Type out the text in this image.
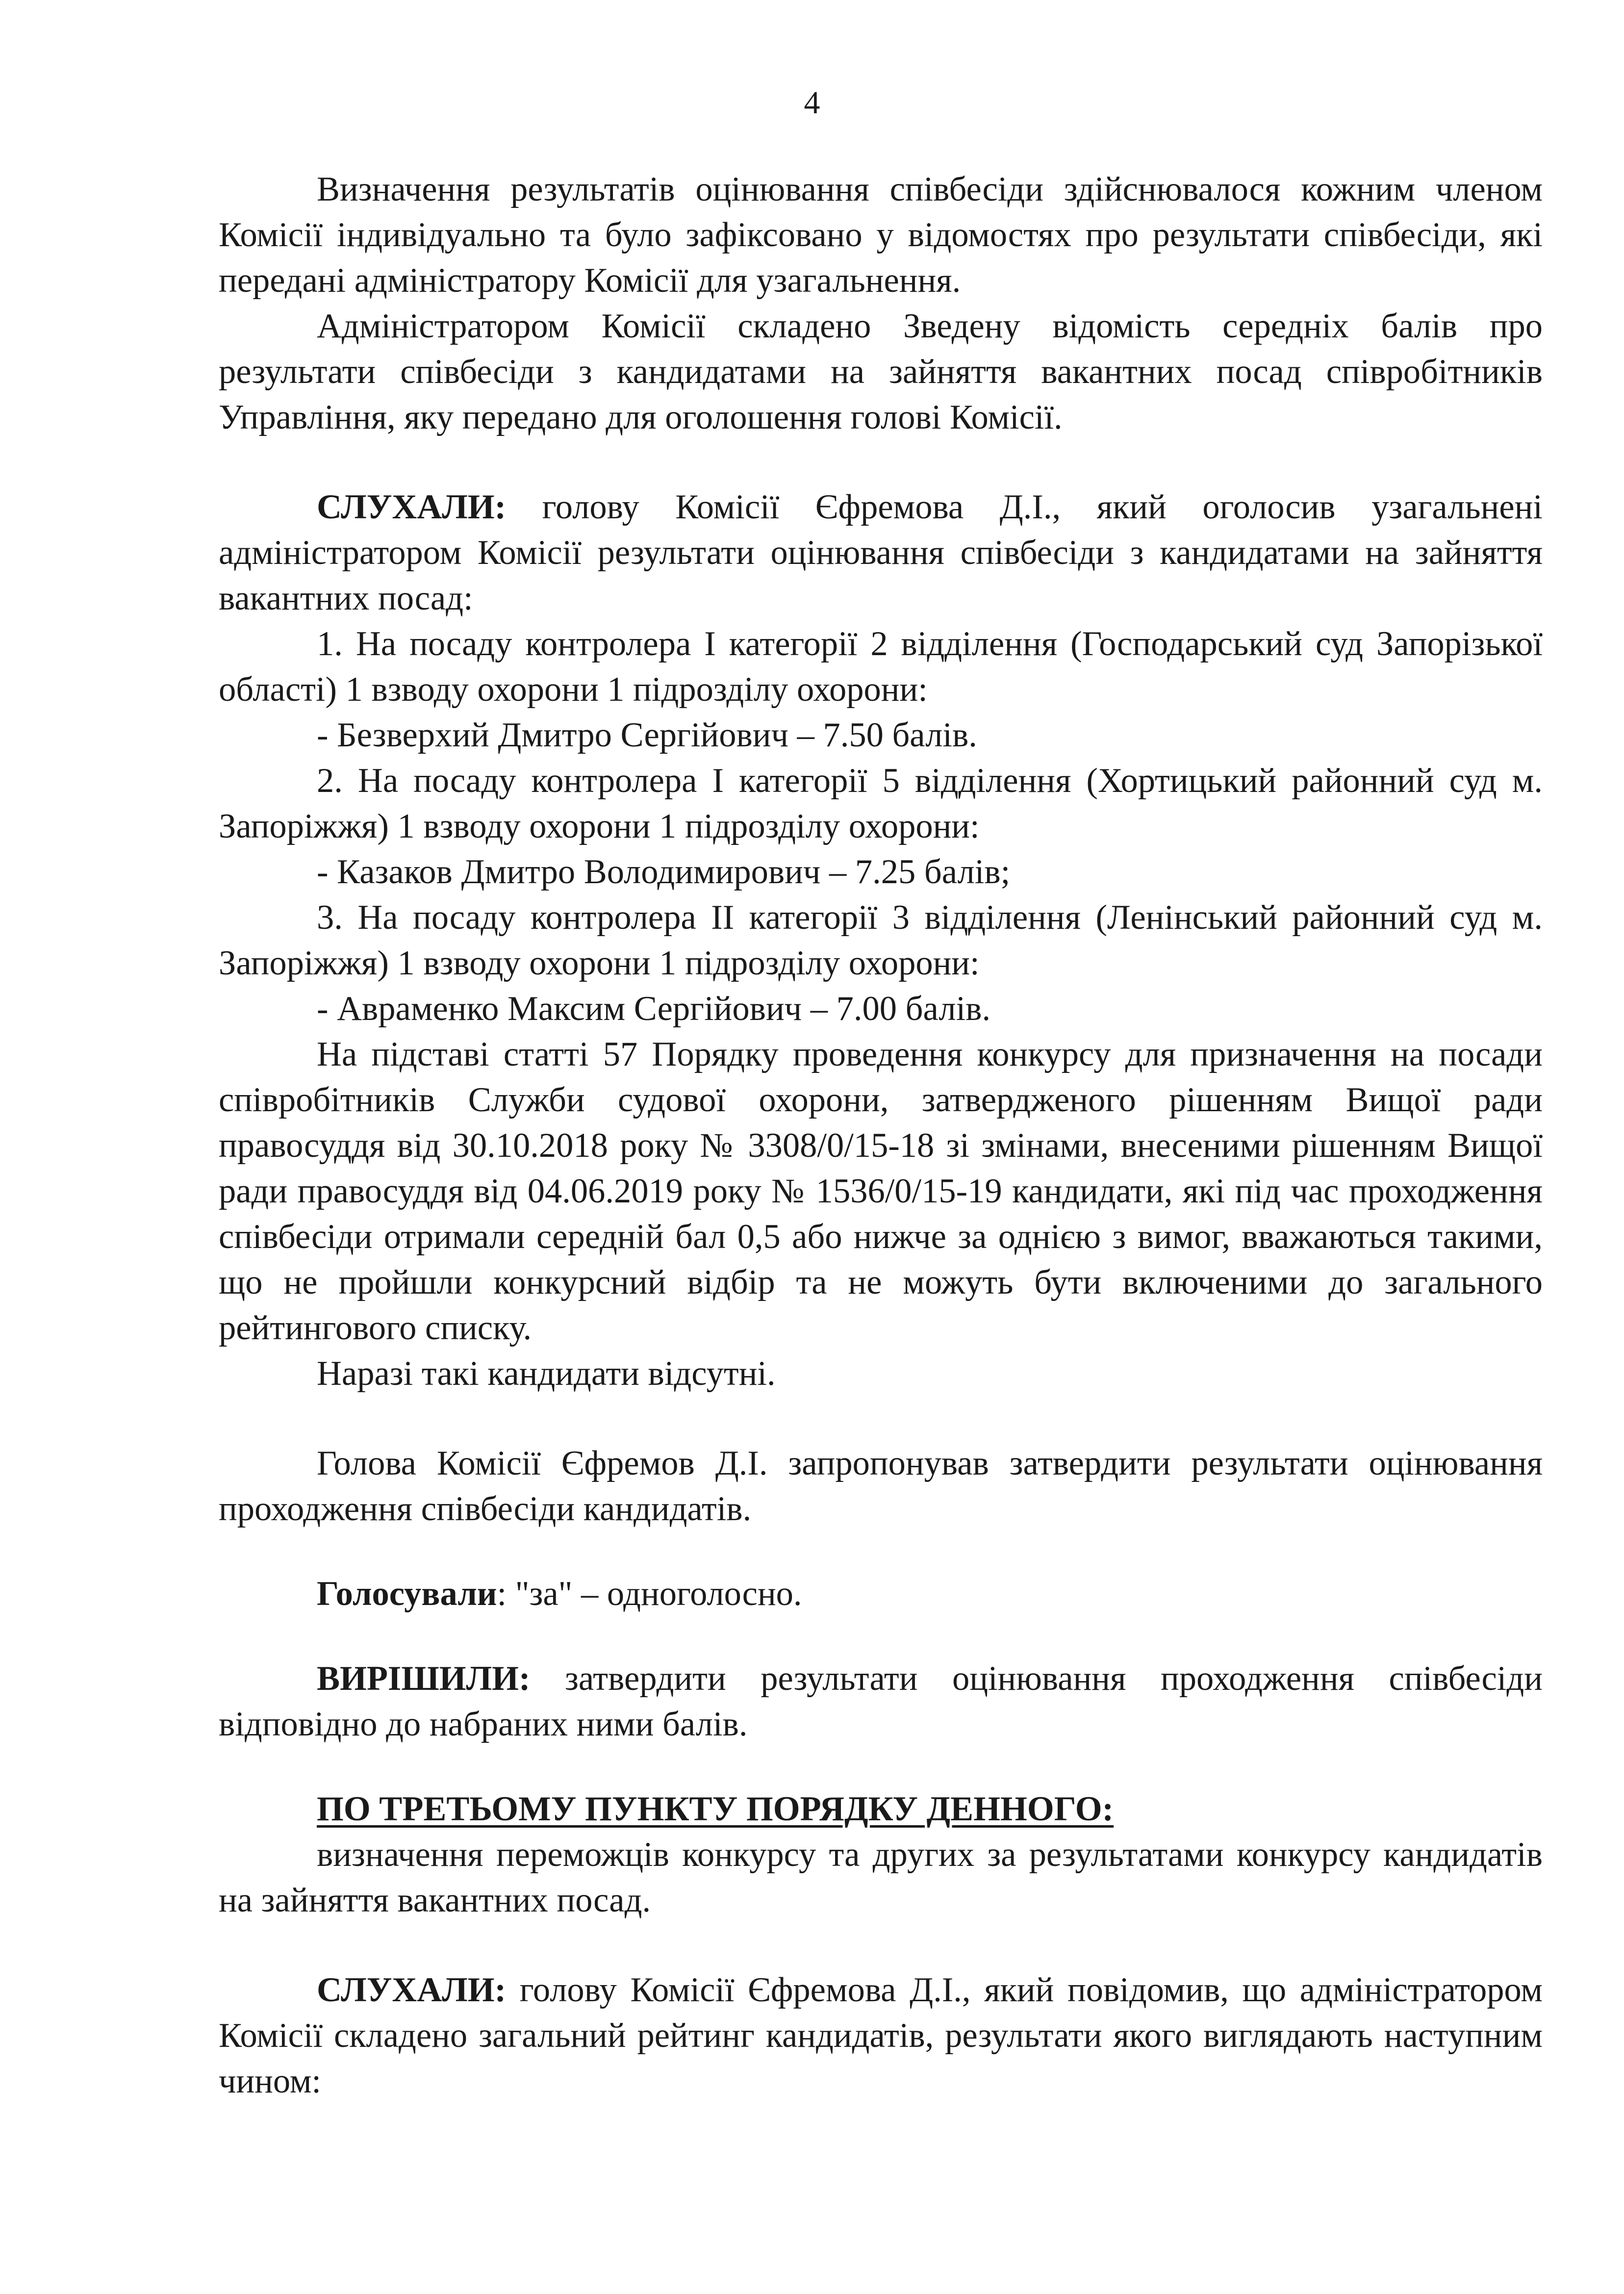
4

Визначення результатів оцінювання співбесіди здійснювалося кожним членом Комісії індивідуально та було зафіксовано у відомостях про результати співбесіди, які передані адміністратору Комісії для узагальнення.

Адміністратором Комісії складено Зведену відомість середніх балів про результати співбесіди з кандидатами на зайняття вакантних посад співробітників Управління, яку передано для оголошення голові Комісії.

СЛУХАЛИ: голову Комісії Єфремова Д.І., який оголосив узагальнені адміністратором Комісії результати оцінювання співбесіди з кандидатами на зайняття вакантних посад:

1. На посаду контролера І категорії 2 відділення (Господарський суд Запорізької області) 1 взводу охорони 1 підрозділу охорони:

- Безверхий Дмитро Сергійович – 7.50 балів.

2. На посаду контролера І категорії 5 відділення (Хортицький районний суд м. Запоріжжя) 1 взводу охорони 1 підрозділу охорони:

- Казаков Дмитро Володимирович – 7.25 балів;

3. На посаду контролера ІІ категорії 3 відділення (Ленінський районний суд м. Запоріжжя) 1 взводу охорони 1 підрозділу охорони:

- Авраменко Максим Сергійович – 7.00 балів.

На підставі статті 57 Порядку проведення конкурсу для призначення на посади співробітників Служби судової охорони, затвердженого рішенням Вищої ради правосуддя від 30.10.2018 року № 3308/0/15-18 зі змінами, внесеними рішенням Вищої ради правосуддя від 04.06.2019 року № 1536/0/15-19 кандидати, які під час проходження співбесіди отримали середній бал 0,5 або нижче за однією з вимог, вважаються такими, що не пройшли конкурсний відбір та не можуть бути включеними до загального рейтингового списку.

Наразі такі кандидати відсутні.

Голова Комісії Єфремов Д.І. запропонував затвердити результати оцінювання проходження співбесіди кандидатів.

Голосували: "за" – одноголосно.

ВИРІШИЛИ: затвердити результати оцінювання проходження співбесіди відповідно до набраних ними балів.

ПО ТРЕТЬОМУ ПУНКТУ ПОРЯДКУ ДЕННОГО:

визначення переможців конкурсу та других за результатами конкурсу кандидатів на зайняття вакантних посад.

СЛУХАЛИ: голову Комісії Єфремова Д.І., який повідомив, що адміністратором Комісії складено загальний рейтинг кандидатів, результати якого виглядають наступним чином:
